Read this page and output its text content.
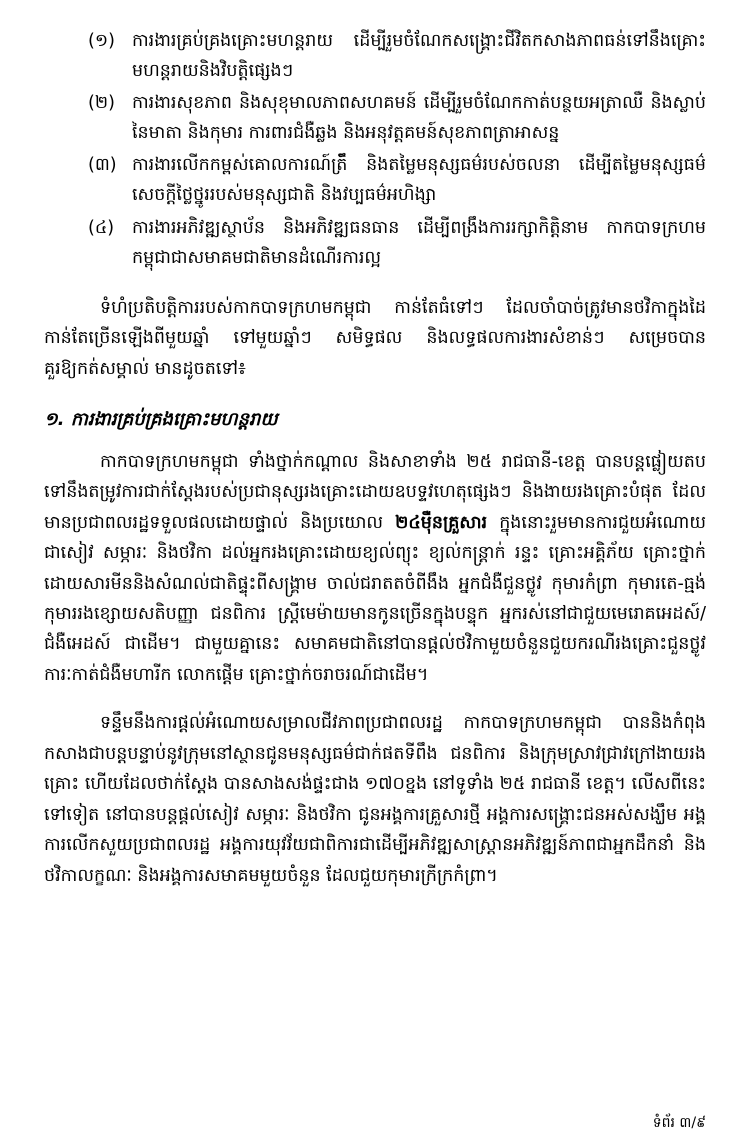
(១) ការងារគ្រប់គ្រងគ្រោះមហន្តរាយ ដើម្បីរួមចំណែកសង្គ្រោះជីវិតកសាងភាពធន់ទៅនឹងគ្រោះមហន្តរាយនិងវិបត្តិផ្សេងៗ
(២) ការងារសុខភាព និងសុខុមាលភាពសហគមន៍ ដើម្បីរួមចំណែកកាត់បន្ថយអត្រាឈឺ និងស្លាប់នៃមាតា និងកុមារ ការពារជំងឺឆ្លង និងអនុវត្តគមន៍សុខភាពត្រាអាសន្ន
(៣) ការងារលើកកម្ពស់គោលការណ៍ត្រឹ៍ និងតម្លៃមនុស្សធម៌របស់ចលនា ដើម្បីតម្លៃមនុស្សធម៌ សេចក្ដីថ្លៃថ្នូររបស់មនុស្សជាតិ និងវប្បធម៌អហិង្សា
(៤)	ការងារអភិវឌ្ឍស្ថាប័ន និងអភិវឌ្ឍធនធាន ដើម្បីពង្រឹងការរក្សាកិត្តិនាម កាកបាទក្រហមកម្ពុជាជាសមាគមជាតិមានដំណើរការល្អ

ទំហំប្រតិបត្តិការរបស់កាកបាទក្រហមកម្ពុជា កាន់តែធំទៅៗ ដែលចាំបាច់ត្រូវមានថវិកាក្នុងដៃកាន់តែច្រើនឡើងពីមួយឆ្នាំ ទៅមួយឆ្នាំៗ សមិទ្ធផល និងលទ្ធផលការងារសំខាន់ៗ សម្រេចបានគួរឱ្យកត់សម្គាល់ មានដូចតទៅ៖

១. ការងារគ្រប់គ្រងគ្រោះមហន្តរាយ

កាកបាទក្រហមកម្ពុជា ទាំងថ្នាក់កណ្ដាល និងសាខាទាំង ២៥ រាជធានី-ខេត្ត បានបន្តផ្លៀយតបទៅនឹងតម្រូវការជាក់ស្ដែងរបស់ប្រជានុស្សរងគ្រោះដោយឧបទ្ទវហេតុផ្សេងៗ និងងាយរងគ្រោះបំផុត ដែលមានប្រជាពលរដ្ឋទទួលផលដោយផ្ទាល់ និងប្រយោល ២៤ម៉ឺនគ្រួសារ ក្នុងនោះរួមមានការជួយអំណោយជាសៀវ សម្ភារៈ និងថវិកា ដល់អ្នករងគ្រោះដោយខ្យល់ព្យុះ ខ្យល់កន្ត្រាក់ រន្ទះ គ្រោះអគ្គិភ័យ គ្រោះថ្នាក់ដោយសារមីននិងសំណល់ជាតិផ្ទុះពីសង្គ្រាម ចាល់ជរាតតចំពីងឹង អ្នកជំងឺជួនថ្លូវ កុមារកំព្រា កុមារតេ-ធ្មង់ កុមាររងខ្សោយសតិបញ្ញា ជនពិការ ស្ត្រីមេម៉ាយមានកូនច្រើនក្នុងបន្ទុក អ្នករស់នៅជាជួយមេរោគអេដស៍/ជំងឺអេដស៍ ជាដើម។ ជាមួយគ្នានេះ សមាគមជាតិនៅបានផ្ដល់ថវិកាមួយចំនួនជួយករណីរងគ្រោះជួនថ្លូវ ការៈកាត់ជំងឺមហារីក លោកផ្ដើម គ្រោះថ្នាក់ចរាចរណ៍ជាដើម។

ទន្ទឹមនឹងការផ្ដល់អំណោយសម្រាលជីវភាពប្រជាពលរដ្ឋ កាកបាទក្រហមកម្ពុជា បាននិងកំពុងកសាងជាបន្តបន្ទាប់នូវក្រុមនៅស្ថានជូនមនុស្សធម៌ជាក់ផតទីពឹង ជនពិការ និងក្រុមស្រាវជ្រាវក្រៅងាយរងគ្រោះ ហើយដែលថាក់ស្ដែង បានសាងសង់ផ្ទះជាង ១៧០ខ្នង នៅទូទាំង ២៥ រាជធានី ខេត្ត។ លើសពីនេះទៅទៀត នៅបានបន្តផ្ដល់សៀវ សម្ភារៈ និងថវិកា ជូនអង្គការគ្រួសារថ្មី អង្គការសង្គ្រោះជនអស់សង្ឃឹម អង្គការលើកសួយប្រជាពលរដ្ឋ អង្គការយុវវ័យជាពិការជាដើម្បីអភិវឌ្ឍសាស្ត្រានអភិវឌ្ឍន៍ភាពជាអ្នកដឹកនាំ និងថវិកាលក្ខណៈ និងអង្គការសមាគមមួយចំនួន ដែលជួយកុមារក្រីក្រកំព្រា។

ទំព័រ ៣/៩
